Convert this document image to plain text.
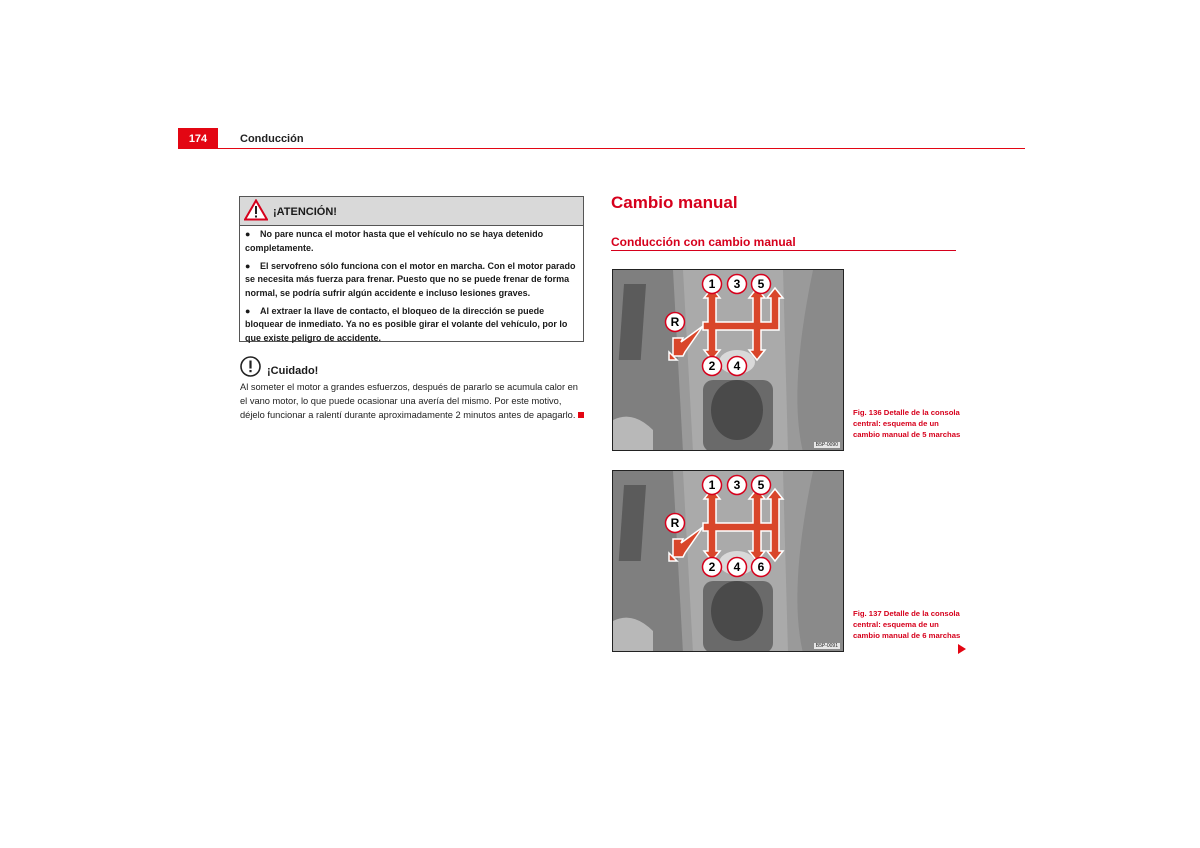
174	Conducción
¡ATENCIÓN!
● No pare nunca el motor hasta que el vehículo no se haya detenido completamente.
● El servofreno sólo funciona con el motor en marcha. Con el motor parado se necesita más fuerza para frenar. Puesto que no se puede frenar de forma normal, se podría sufrir algún accidente e incluso lesiones graves.
● Al extraer la llave de contacto, el bloqueo de la dirección se puede bloquear de inmediato. Ya no es posible girar el volante del vehículo, por lo que existe peligro de accidente.
¡Cuidado!
Al someter el motor a grandes esfuerzos, después de pararlo se acumula calor en el vano motor, lo que puede ocasionar una avería del mismo. Por este motivo, déjelo funcionar a ralentí durante aproximadamente 2 minutos antes de apagarlo.
Cambio manual
Conducción con cambio manual
1 3 5
R
2 4
B5P-0090
Fig. 136 Detalle de la consola central: esquema de un cambio manual de 5 marchas
1 3 5
R
2 4 6
B5P-0091
Fig. 137 Detalle de la consola central: esquema de un cambio manual de 6 marchas
